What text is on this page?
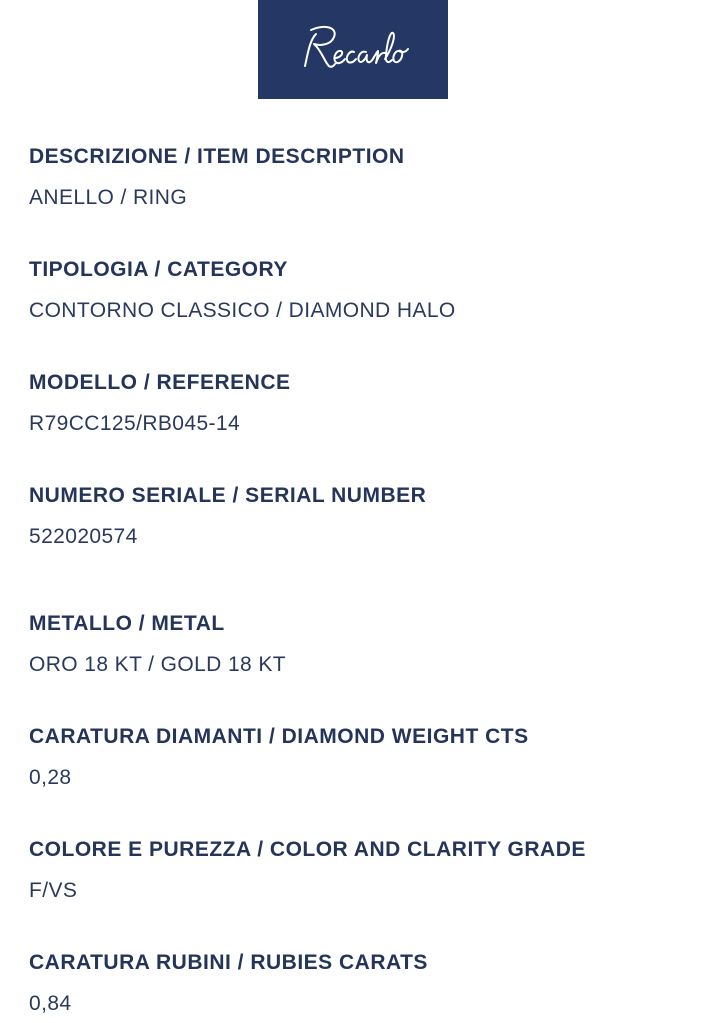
DESCRIZIONE / ITEM DESCRIPTION
ANELLO / RING
TIPOLOGIA / CATEGORY
CONTORNO CLASSICO / DIAMOND HALO
MODELLO / REFERENCE
R79CC125/RB045-14
NUMERO SERIALE / SERIAL NUMBER
522020574
METALLO / METAL
ORO 18 KT / GOLD 18 KT
CARATURA DIAMANTI / DIAMOND WEIGHT CTS
0,28
COLORE E PUREZZA / COLOR AND CLARITY GRADE
F/VS
CARATURA RUBINI / RUBIES CARATS
0,84
